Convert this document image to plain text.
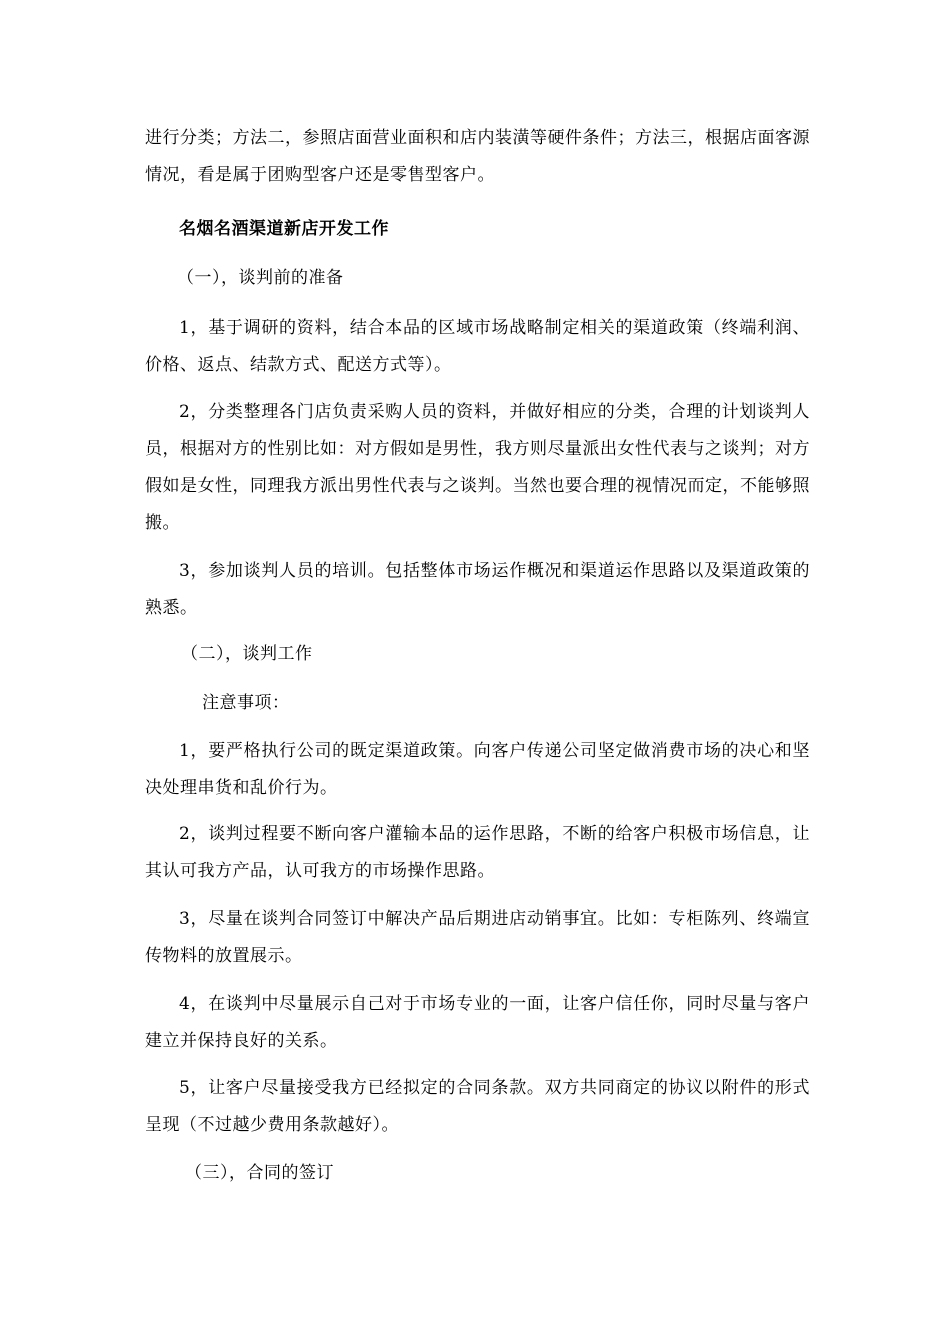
进行分类；方法二，参照店面营业面积和店内装潢等硬件条件；方法三，根据店面客源情况，看是属于团购型客户还是零售型客户。

名烟名酒渠道新店开发工作

（一），谈判前的准备

1，基于调研的资料，结合本品的区域市场战略制定相关的渠道政策（终端利润、价格、返点、结款方式、配送方式等）。

2，分类整理各门店负责采购人员的资料，并做好相应的分类，合理的计划谈判人员，根据对方的性别比如：对方假如是男性，我方则尽量派出女性代表与之谈判；对方假如是女性，同理我方派出男性代表与之谈判。当然也要合理的视情况而定，不能够照搬。

3，参加谈判人员的培训。包括整体市场运作概况和渠道运作思路以及渠道政策的熟悉。

（二），谈判工作

注意事项：

1，要严格执行公司的既定渠道政策。向客户传递公司坚定做消费市场的决心和坚决处理串货和乱价行为。

2，谈判过程要不断向客户灌输本品的运作思路，不断的给客户积极市场信息，让其认可我方产品，认可我方的市场操作思路。

3，尽量在谈判合同签订中解决产品后期进店动销事宜。比如：专柜陈列、终端宣传物料的放置展示。

4，在谈判中尽量展示自己对于市场专业的一面，让客户信任你，同时尽量与客户建立并保持良好的关系。

5，让客户尽量接受我方已经拟定的合同条款。双方共同商定的协议以附件的形式呈现（不过越少费用条款越好）。

（三），合同的签订
